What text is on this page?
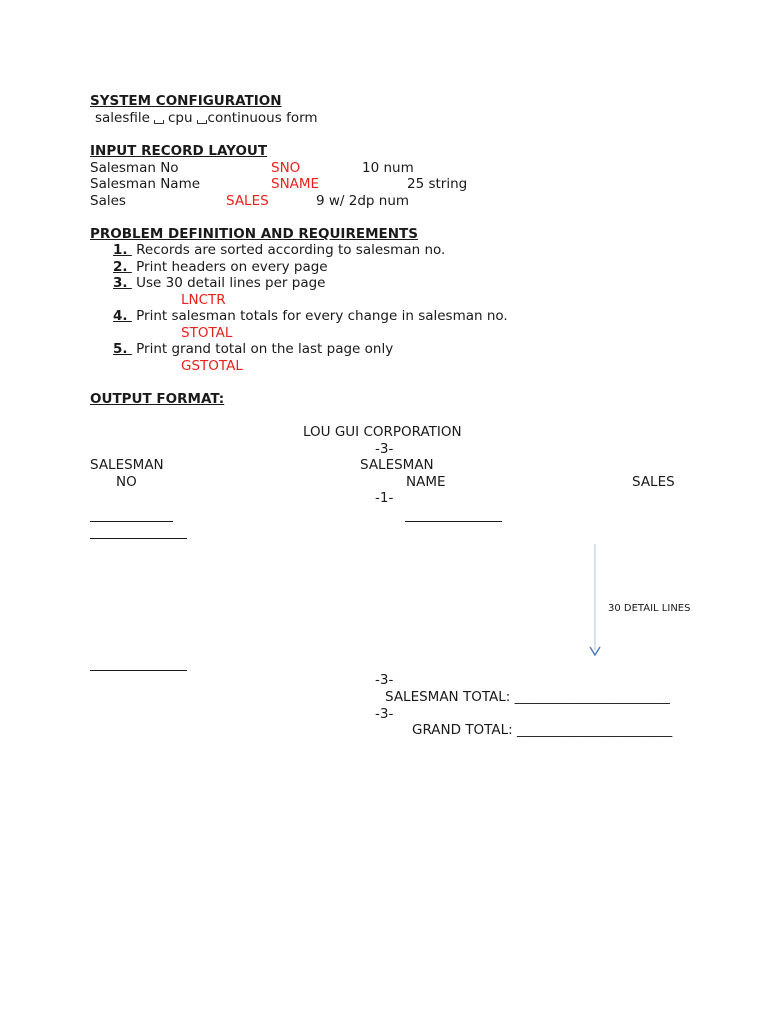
SYSTEM CONFIGURATION
salesfile cpu continuous form
INPUT RECORD LAYOUT
Salesman No	SNO	10 num
Salesman Name	SNAME	25 string
Sales	SALES	9 w/ 2dp num
PROBLEM DEFINITION AND REQUIREMENTS
1. Records are sorted according to salesman no.
2. Print headers on every page
3. Use 30 detail lines per page
LNCTR
4. Print salesman totals for every change in salesman no.
STOTAL
5. Print grand total on the last page only
GSTOTAL
OUTPUT FORMAT:
LOU GUI CORPORATION
-3-
SALESMAN	SALESMAN
NO	NAME	SALES
-1-
30 DETAIL LINES
-3-
SALESMAN TOTAL: _______________________
-3-
GRAND TOTAL: _______________________
